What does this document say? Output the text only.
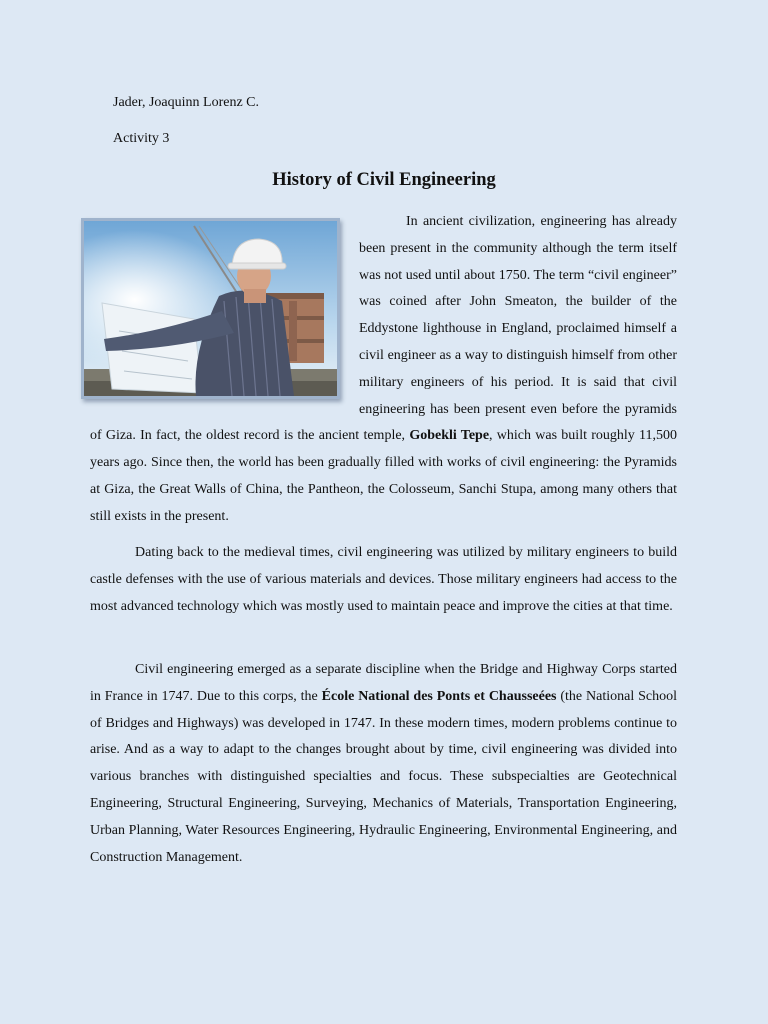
Jader, Joaquinn Lorenz C.
Activity 3
History of Civil Engineering
In ancient civilization, engineering has already been present in the community although the term itself was not used until about 1750. The term “civil engineer” was coined after John Smeaton, the builder of the Eddystone lighthouse in England, proclaimed himself a civil engineer as a way to distinguish himself from other military engineers of his period. It is said that civil engineering has been present even before the pyramids of Giza. In fact, the oldest record is the ancient temple, Gobekli Tepe, which was built roughly 11,500 years ago. Since then, the world has been gradually filled with works of civil engineering: the Pyramids at Giza, the Great Walls of China, the Pantheon, the Colosseum, Sanchi Stupa, among many others that still exists in the present.

Dating back to the medieval times, civil engineering was utilized by military engineers to build castle defenses with the use of various materials and devices. Those military engineers had access to the most advanced technology which was mostly used to maintain peace and improve the cities at that time.

Civil engineering emerged as a separate discipline when the Bridge and Highway Corps started in France in 1747. Due to this corps, the École National des Ponts et Chausseées (the National School of Bridges and Highways) was developed in 1747. In these modern times, modern problems continue to arise. And as a way to adapt to the changes brought about by time, civil engineering was divided into various branches with distinguished specialties and focus. These subspecialties are Geotechnical Engineering, Structural Engineering, Surveying, Mechanics of Materials, Transportation Engineering, Urban Planning, Water Resources Engineering, Hydraulic Engineering, Environmental Engineering, and Construction Management.
